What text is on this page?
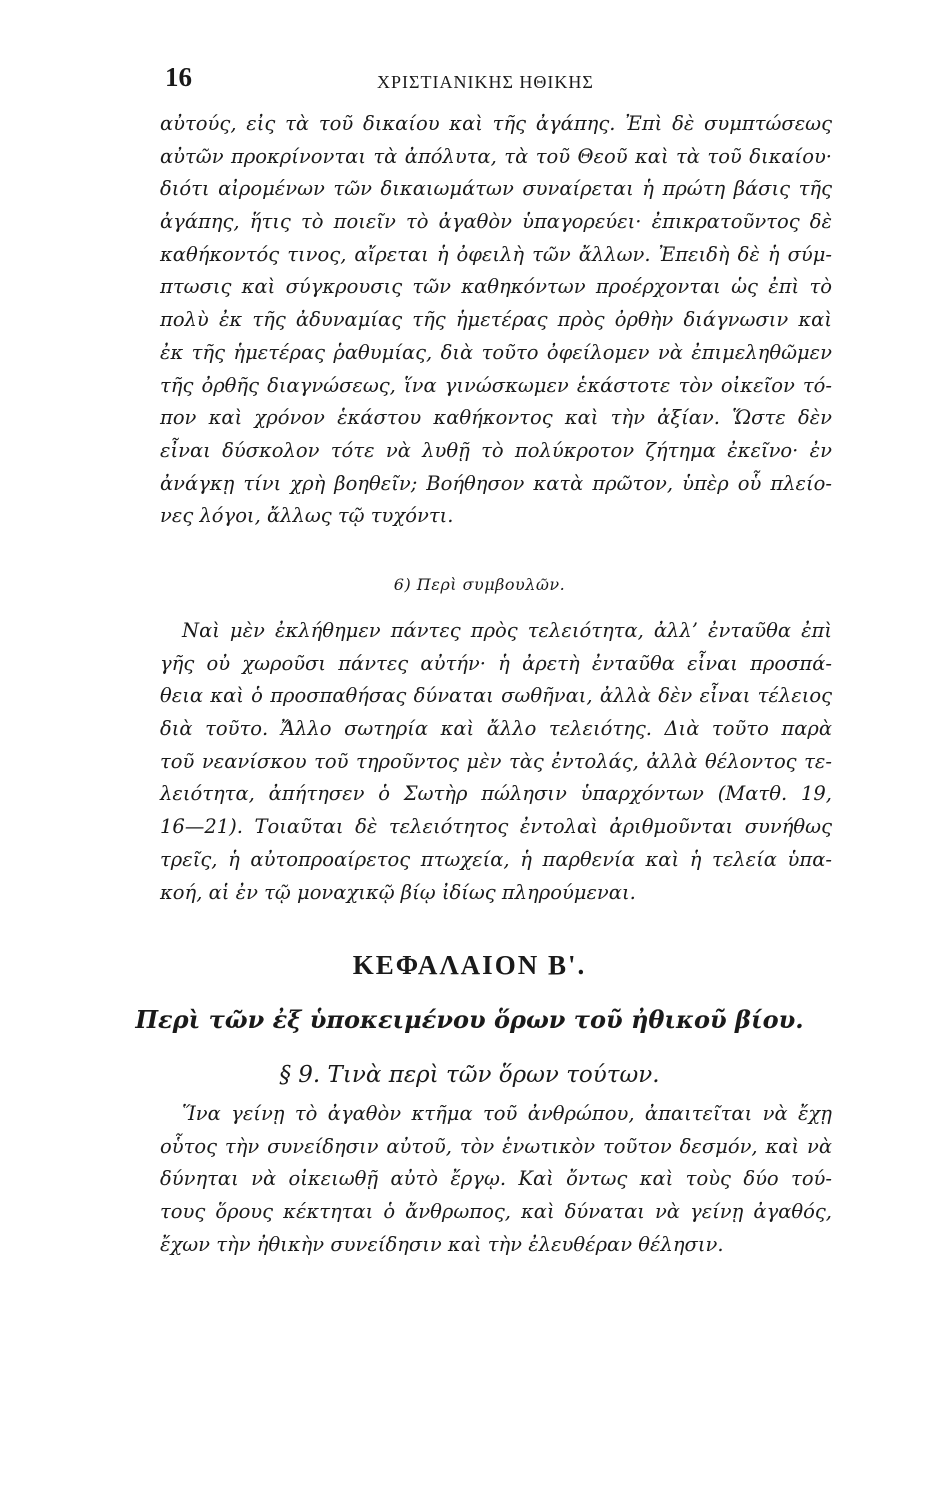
16	ΧΡΙΣΤΙΑΝΙΚΗΣ ΗΘΙΚΗΣ
αὐτούς, εἰς τὰ τοῦ δικαίου καὶ τῆς ἀγάπης. Ἐπὶ δὲ συμπτώσεως
αὐτῶν προκρίνονται τὰ ἀπόλυτα, τὰ τοῦ Θεοῦ καὶ τὰ τοῦ δικαίου·
διότι αἰρομένων τῶν δικαιωμάτων συναίρεται ἡ πρώτη βάσις τῆς
ἀγάπης, ἥτις τὸ ποιεῖν τὸ ἀγαθὸν ὑπαγορεύει· ἐπικρατοῦντος δὲ
καθήκοντός τινος, αἴρεται ἡ ὀφειλὴ τῶν ἄλλων. Ἐπειδὴ δὲ ἡ σύμ-
πτωσις καὶ σύγκρουσις τῶν καθηκόντων προέρχονται ὡς ἐπὶ τὸ
πολὺ ἐκ τῆς ἀδυναμίας τῆς ἡμετέρας πρὸς ὀρθὴν διάγνωσιν καὶ
ἐκ τῆς ἡμετέρας ῥαθυμίας, διὰ τοῦτο ὀφείλομεν νὰ ἐπιμεληθῶμεν
τῆς ὀρθῆς διαγνώσεως, ἵνα γινώσκωμεν ἑκάστοτε τὸν οἰκεῖον τό-
πον καὶ χρόνον ἑκάστου καθήκοντος καὶ τὴν ἀξίαν. Ὥστε δὲν
εἶναι δύσκολον τότε νὰ λυθῇ τὸ πολύκροτον ζήτημα ἐκεῖνο· ἐν
ἀνάγκῃ τίνι χρὴ βοηθεῖν; Βοήθησον κατὰ πρῶτον, ὑπὲρ οὗ πλείο-
νες λόγοι, ἄλλως τῷ τυχόντι.
6) Περὶ συμβουλῶν.
Ναὶ μὲν ἐκλήθημεν πάντες πρὸς τελειότητα, ἀλλ’ ἐνταῦθα ἐπὶ
γῆς οὐ χωροῦσι πάντες αὐτήν· ἡ ἀρετὴ ἐνταῦθα εἶναι προσπά-
θεια καὶ ὁ προσπαθήσας δύναται σωθῆναι, ἀλλὰ δὲν εἶναι τέλειος
διὰ τοῦτο. Ἄλλο σωτηρία καὶ ἄλλο τελειότης. Διὰ τοῦτο παρὰ
τοῦ νεανίσκου τοῦ τηροῦντος μὲν τὰς ἐντολάς, ἀλλὰ θέλοντος τε-
λειότητα, ἀπήτησεν ὁ Σωτὴρ πώλησιν ὑπαρχόντων (Ματθ. 19,
16—21). Τοιαῦται δὲ τελειότητος ἐντολαὶ ἀριθμοῦνται συνήθως
τρεῖς, ἡ αὐτοπροαίρετος πτωχεία, ἡ παρθενία καὶ ἡ τελεία ὑπα-
κοή, αἱ ἐν τῷ μοναχικῷ βίῳ ἰδίως πληρούμεναι.
ΚΕΦΑΛΑΙΟΝ Β'.
Περὶ τῶν ἐξ ὑποκειμένου ὅρων τοῦ ἠθικοῦ βίου.
§ 9. Τινὰ περὶ τῶν ὅρων τούτων.
Ἵνα γείνῃ τὸ ἀγαθὸν κτῆμα τοῦ ἀνθρώπου, ἀπαιτεῖται νὰ ἔχῃ
οὗτος τὴν συνείδησιν αὐτοῦ, τὸν ἑνωτικὸν τοῦτον δεσμόν, καὶ νὰ
δύνηται νὰ οἰκειωθῇ αὐτὸ ἔργῳ. Καὶ ὄντως καὶ τοὺς δύο τού-
τους ὅρους κέκτηται ὁ ἄνθρωπος, καὶ δύναται νὰ γείνῃ ἀγαθός,
ἔχων τὴν ἠθικὴν συνείδησιν καὶ τὴν ἐλευθέραν θέλησιν.
